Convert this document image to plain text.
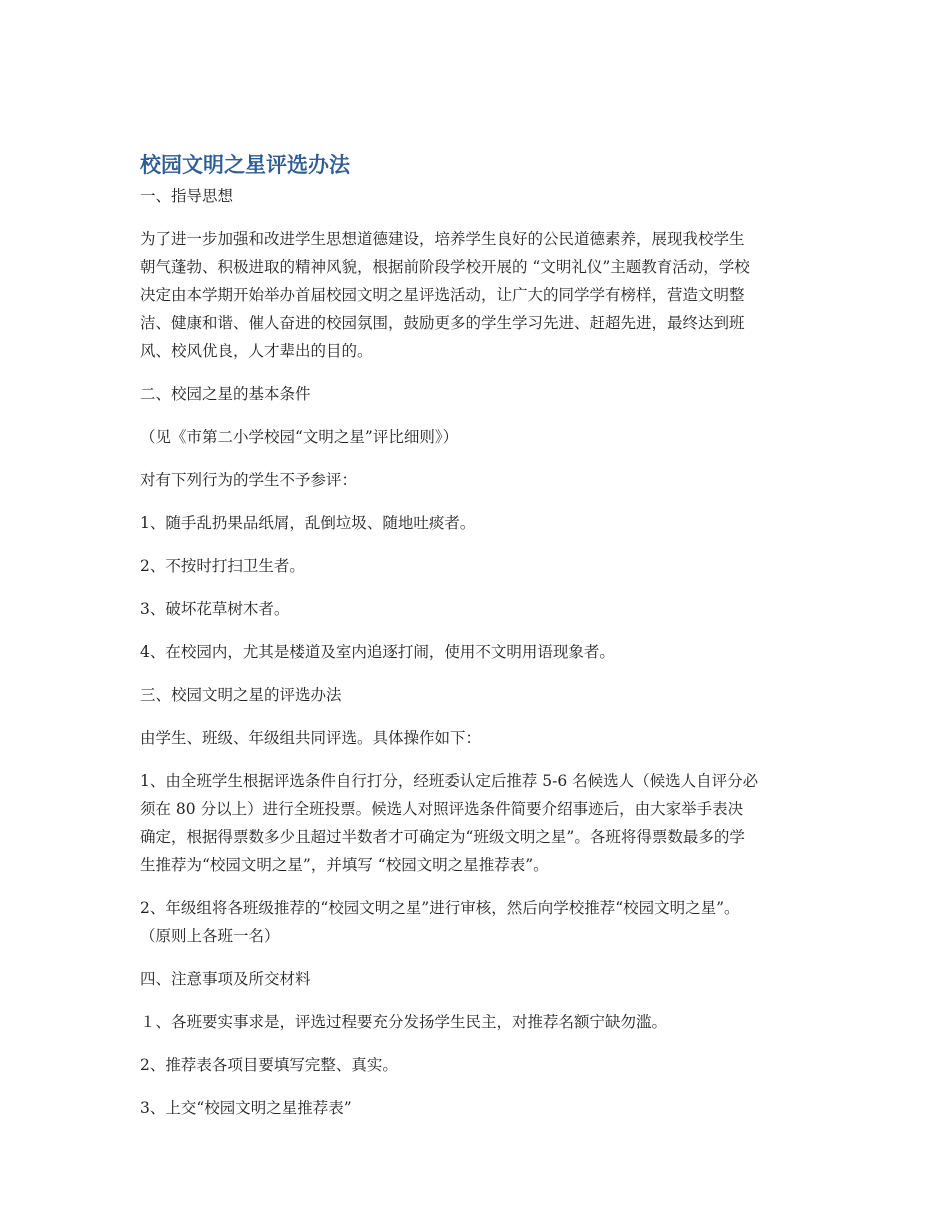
校园文明之星评选办法

一、指导思想

为了进一步加强和改进学生思想道德建设，培养学生良好的公民道德素养，展现我校学生

朝气蓬勃、积极进取的精神风貌，根据前阶段学校开展的 “文明礼仪”主题教育活动，学校

决定由本学期开始举办首届校园文明之星评选活动，让广大的同学学有榜样，营造文明整

洁、健康和谐、催人奋进的校园氛围，鼓励更多的学生学习先进、赶超先进，最终达到班

风、校风优良，人才辈出的目的。

二、校园之星的基本条件

（见《市第二小学校园“文明之星”评比细则》）

对有下列行为的学生不予参评：

1、随手乱扔果品纸屑，乱倒垃圾、随地吐痰者。

2、不按时打扫卫生者。

3、破坏花草树木者。

4、在校园内，尤其是楼道及室内追逐打闹，使用不文明用语现象者。

三、校园文明之星的评选办法

由学生、班级、年级组共同评选。具体操作如下：

1、由全班学生根据评选条件自行打分，经班委认定后推荐 5-6 名候选人（候选人自评分必

须在 80 分以上）进行全班投票。候选人对照评选条件简要介绍事迹后，由大家举手表决

确定，根据得票数多少且超过半数者才可确定为“班级文明之星”。各班将得票数最多的学

生推荐为“校园文明之星”，并填写 “校园文明之星推荐表”。

2、年级组将各班级推荐的“校园文明之星”进行审核，然后向学校推荐“校园文明之星”。

（原则上各班一名）

四、注意事项及所交材料

１、各班要实事求是，评选过程要充分发扬学生民主，对推荐名额宁缺勿滥。

2、推荐表各项目要填写完整、真实。

3、上交“校园文明之星推荐表”
